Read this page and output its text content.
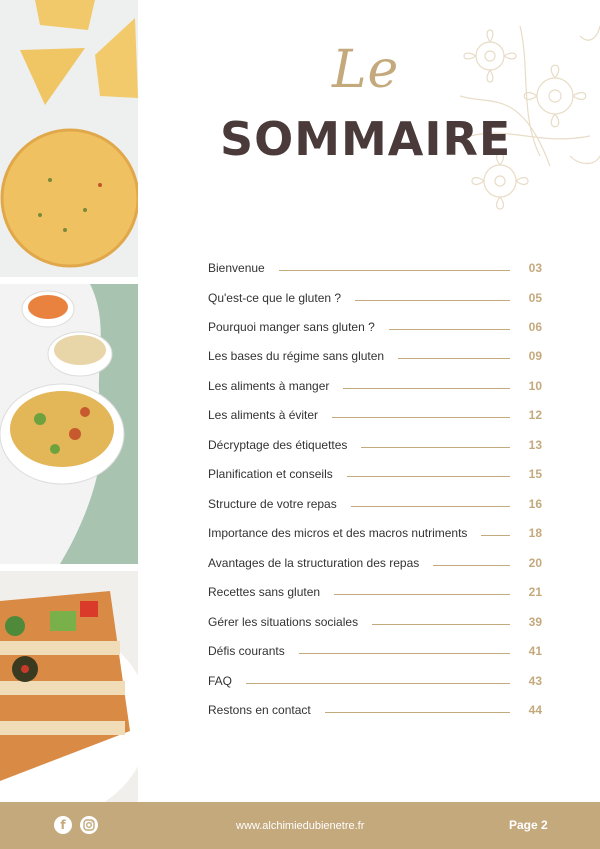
Le
SOMMAIRE
Bienvenue	03
Qu'est-ce que le gluten ?	05
Pourquoi manger sans gluten ?	06
Les bases du régime sans gluten	09
Les aliments à manger	10
Les aliments à éviter	12
Décryptage des étiquettes	13
Planification et conseils	15
Structure de votre repas	16
Importance des micros et des macros nutriments	18
Avantages de la structuration des repas	20
Recettes sans gluten	21
Gérer les situations sociales	39
Défis courants	41
FAQ	43
Restons en contact	44
f	www.alchimiedubienetre.fr	Page 2
